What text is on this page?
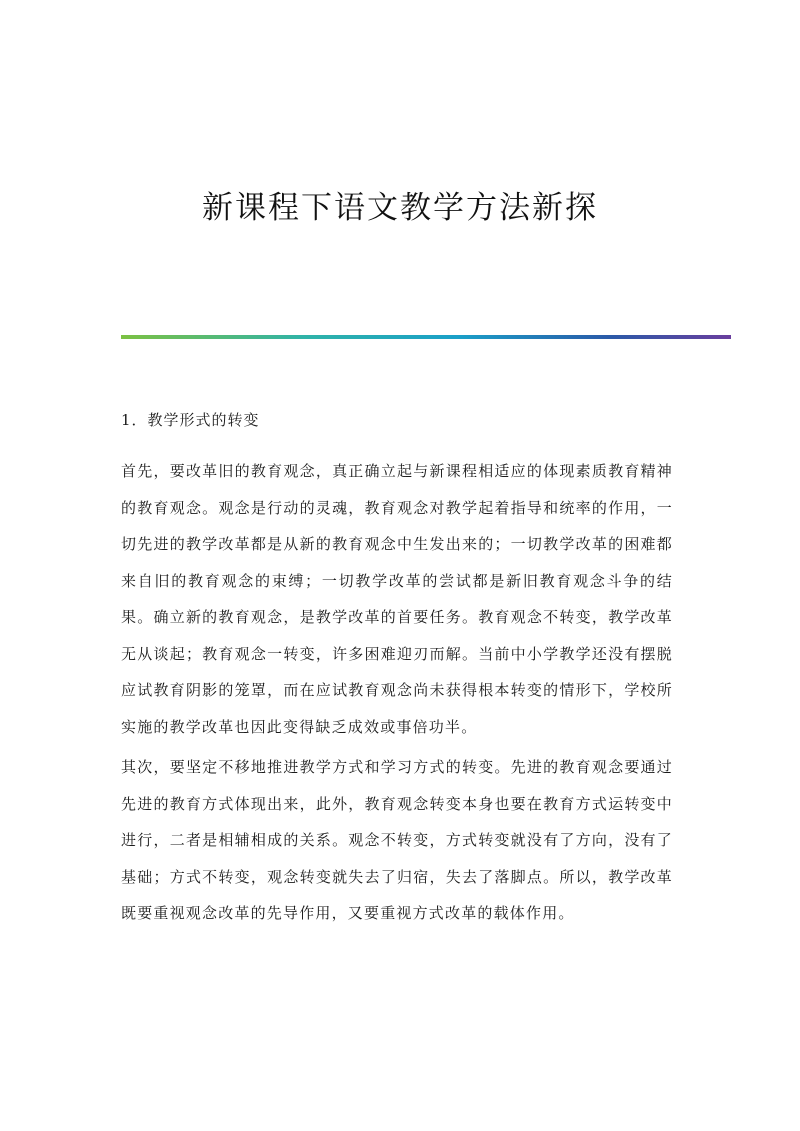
新课程下语文教学方法新探
1．教学形式的转变

首先，要改革旧的教育观念，真正确立起与新课程相适应的体现素质教育精神的教育观念。观念是行动的灵魂，教育观念对教学起着指导和统率的作用，一切先进的教学改革都是从新的教育观念中生发出来的；一切教学改革的困难都来自旧的教育观念的束缚；一切教学改革的尝试都是新旧教育观念斗争的结果。确立新的教育观念，是教学改革的首要任务。教育观念不转变，教学改革无从谈起；教育观念一转变，许多困难迎刃而解。当前中小学教学还没有摆脱应试教育阴影的笼罩，而在应试教育观念尚未获得根本转变的情形下，学校所实施的教学改革也因此变得缺乏成效或事倍功半。

其次，要坚定不移地推进教学方式和学习方式的转变。先进的教育观念要通过先进的教育方式体现出来，此外，教育观念转变本身也要在教育方式运转变中进行，二者是相辅相成的关系。观念不转变，方式转变就没有了方向，没有了基础；方式不转变，观念转变就失去了归宿，失去了落脚点。所以，教学改革既要重视观念改革的先导作用，又要重视方式改革的载体作用。
